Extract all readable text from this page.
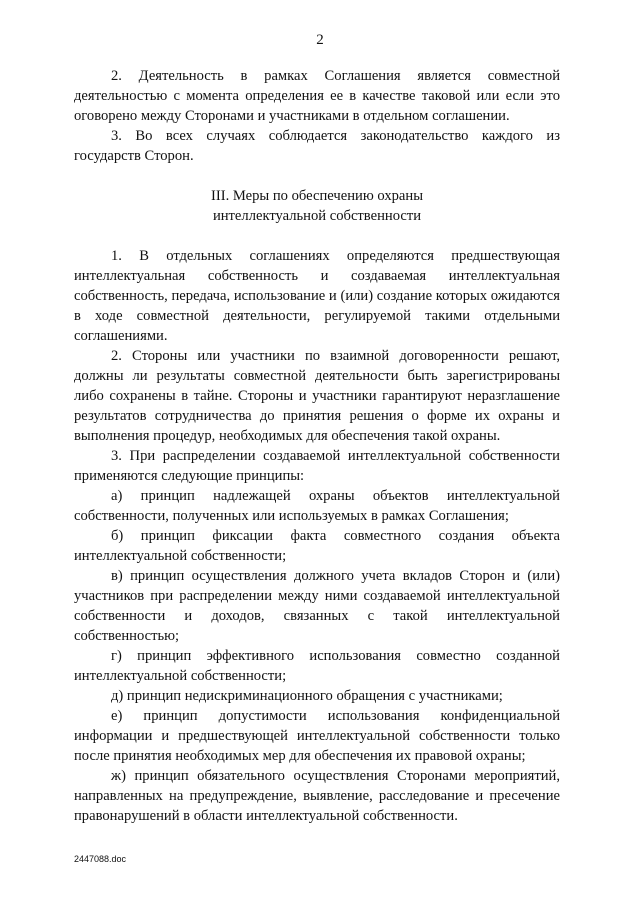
2

2. Деятельность в рамках Соглашения является совместной деятельностью с момента определения ее в качестве таковой или если это оговорено между Сторонами и участниками в отдельном соглашении.

3. Во всех случаях соблюдается законодательство каждого из государств Сторон.

III. Меры по обеспечению охраны
интеллектуальной собственности

1. В отдельных соглашениях определяются предшествующая интеллектуальная собственность и создаваемая интеллектуальная собственность, передача, использование и (или) создание которых ожидаются в ходе совместной деятельности, регулируемой такими отдельными соглашениями.

2. Стороны или участники по взаимной договоренности решают, должны ли результаты совместной деятельности быть зарегистрированы либо сохранены в тайне. Стороны и участники гарантируют неразглашение результатов сотрудничества до принятия решения о форме их охраны и выполнения процедур, необходимых для обеспечения такой охраны.

3. При распределении создаваемой интеллектуальной собственности применяются следующие принципы:

а) принцип надлежащей охраны объектов интеллектуальной собственности, полученных или используемых в рамках Соглашения;

б) принцип фиксации факта совместного создания объекта интеллектуальной собственности;

в) принцип осуществления должного учета вкладов Сторон и (или) участников при распределении между ними создаваемой интеллектуальной собственности и доходов, связанных с такой интеллектуальной собственностью;

г) принцип эффективного использования совместно созданной интеллектуальной собственности;

д) принцип недискриминационного обращения с участниками;

е) принцип допустимости использования конфиденциальной информации и предшествующей интеллектуальной собственности только после принятия необходимых мер для обеспечения их правовой охраны;

ж) принцип обязательного осуществления Сторонами мероприятий, направленных на предупреждение, выявление, расследование и пресечение правонарушений в области интеллектуальной собственности.

2447088.doc
